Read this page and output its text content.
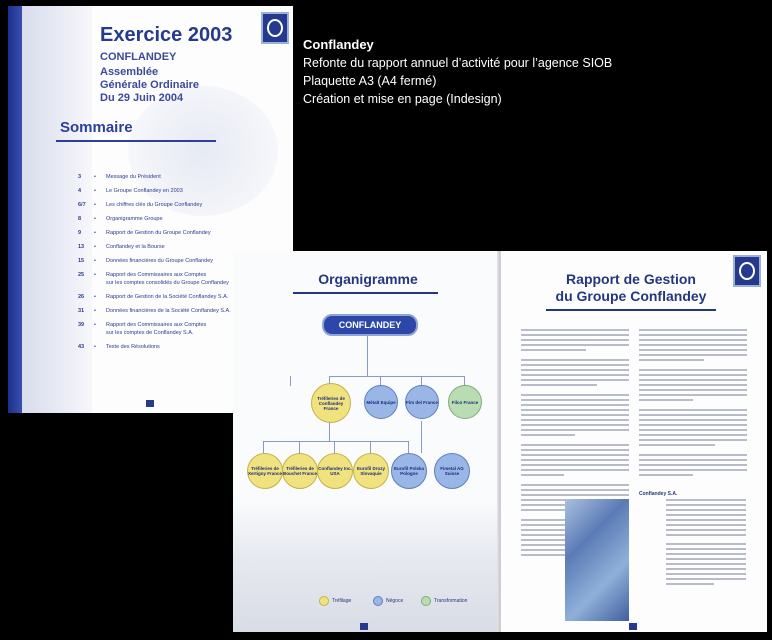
Exercice 2003
CONFLANDEY
Assemblée
Générale Ordinaire
Du 29 Juin 2004
Sommaire
3	• Message du Président
4	• Le Groupe Conflandey en 2003
6/7	• Les chiffres clés du Groupe Conflandey
8	• Organigramme Groupe
9	• Rapport de Gestion du Groupe Conflandey
13	• Conflandey et la Bourse
15	• Données financières du Groupe Conflandey
25	• Rapport des Commissaires aux Comptes
sur les comptes consolidés du Groupe Conflandey
26	• Rapport de Gestion de la Société Conflandey S.A.
31	• Données financières de la Société Conflandey S.A.
39	• Rapport des Commissaires aux Comptes
sur les comptes de Conflandey S.A.
43	• Texte des Résolutions
Conflandey
Refonte du rapport annuel d’activité pour l’agence SIOB
Plaquette A3 (A4 fermé)
Création et mise en page (Indesign)
Organigramme
CONFLANDEY
Tréfileries de Conflandey France
Métalt Equipe	Fim del France	Filco France
Tréfileries de Xertigny France
Tréfileries de Bouchet France
Conflandey Inc. USA
Eurofil Drozy Slovaquie
Eurofil Polska Pologne
Fimetal AG Suisse
Tréfilage	Négoce	Transformation
Rapport de Gestion
du Groupe Conflandey
Conflandey S.A.
